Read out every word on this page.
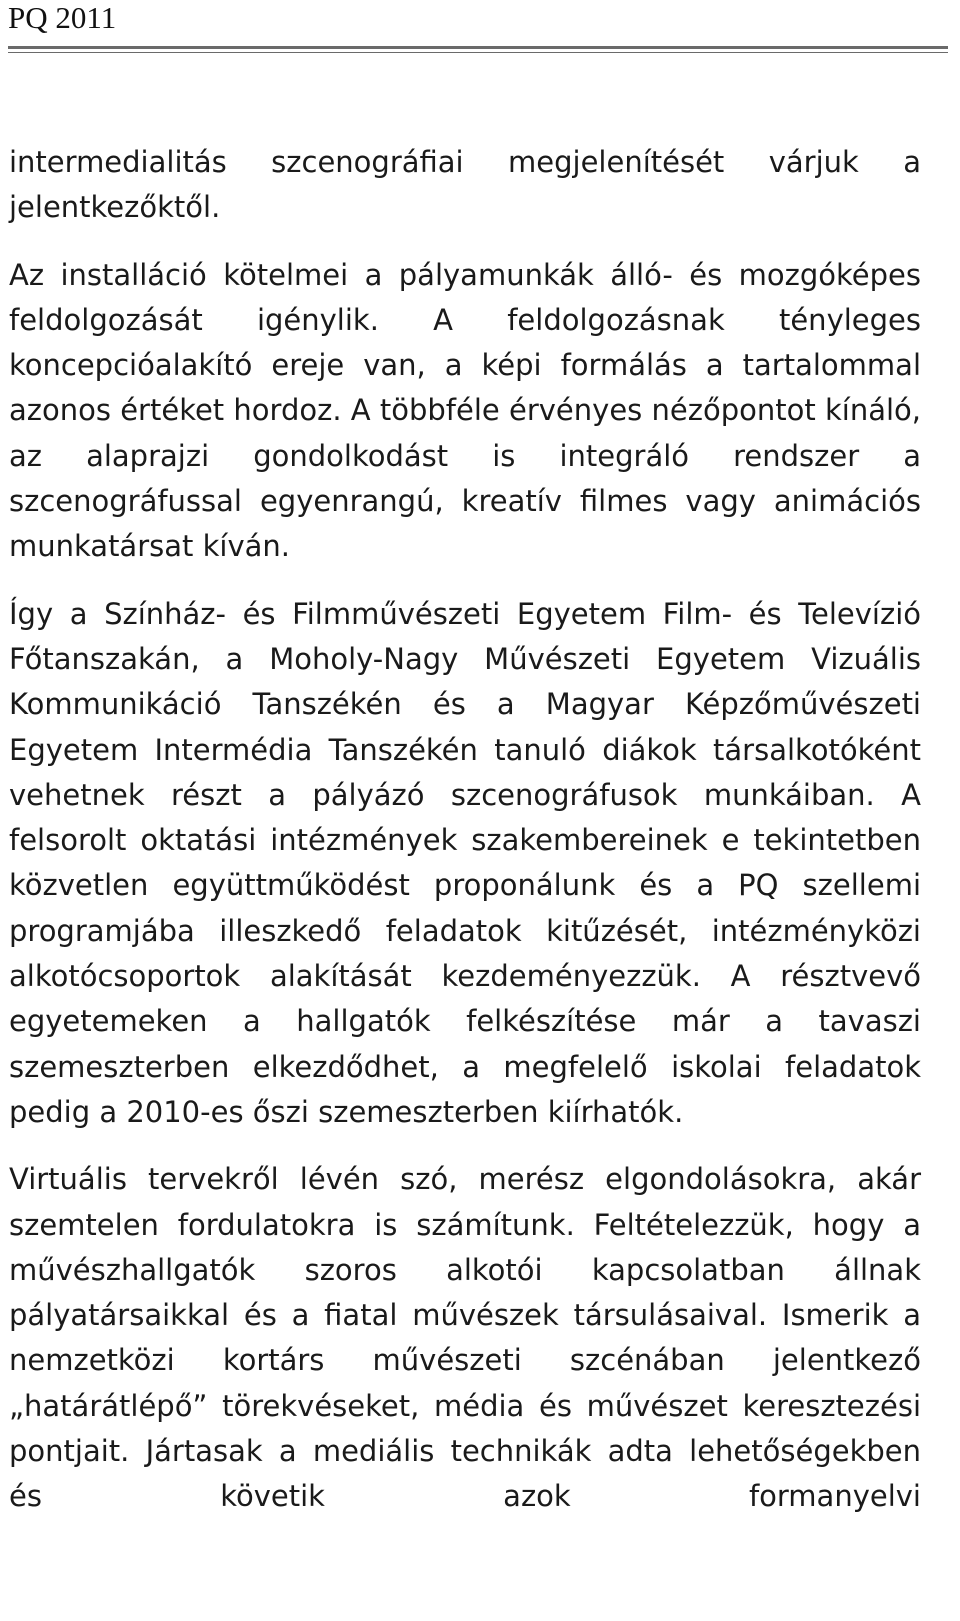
PQ 2011

intermedialitás szcenográfiai megjelenítését várjuk a jelentkezőktől.

Az installáció kötelmei a pályamunkák álló- és mozgóképes feldolgozását igénylik. A feldolgozásnak tényleges koncepcióalakító ereje van, a képi formálás a tartalommal azonos értéket hordoz. A többféle érvényes nézőpontot kínáló, az alaprajzi gondolkodást is integráló rendszer a szcenográfussal egyenrangú, kreatív filmes vagy animációs munkatársat kíván.

Így a Színház- és Filmművészeti Egyetem Film- és Televízió Főtanszakán, a Moholy-Nagy Művészeti Egyetem Vizuális Kommunikáció Tanszékén és a Magyar Képzőművészeti Egyetem Intermédia Tanszékén tanuló diákok társalkotóként vehetnek részt a pályázó szcenográfusok munkáiban. A felsorolt oktatási intézmények szakembereinek e tekintetben közvetlen együttműködést proponálunk és a PQ szellemi programjába illeszkedő feladatok kitűzését, intézményközi alkotócsoportok alakítását kezdeményezzük. A résztvevő egyetemeken a hallgatók felkészítése már a tavaszi szemeszterben elkezdődhet, a megfelelő iskolai feladatok pedig a 2010-es őszi szemeszterben kiírhatók.

Virtuális tervekről lévén szó, merész elgondolásokra, akár szemtelen fordulatokra is számítunk. Feltételezzük, hogy a művészhallgatók szoros alkotói kapcsolatban állnak pályatársaikkal és a fiatal művészek társulásaival. Ismerik a nemzetközi kortárs művészeti szcénában jelentkező „határátlépő” törekvéseket, média és művészet keresztezési pontjait. Jártasak a mediális technikák adta lehetőségekben és követik azok formanyelvi
